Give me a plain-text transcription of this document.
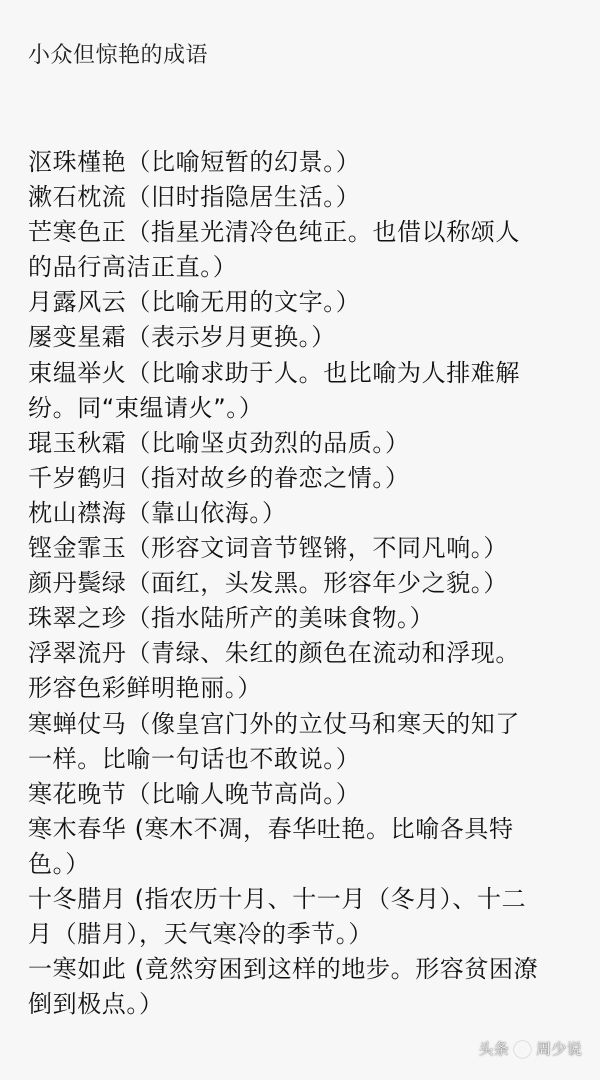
小众但惊艳的成语
沤珠槿艳（比喻短暂的幻景。）
漱石枕流（旧时指隐居生活。）
芒寒色正（指星光清冷色纯正。也借以称颂人
的品行高洁正直。）
月露风云（比喻无用的文字。）
屡变星霜（表示岁月更换。）
束缊举火（比喻求助于人。也比喻为人排难解
纷。同“束缊请火”。）
琨玉秋霜（比喻坚贞劲烈的品质。）
千岁鹤归（指对故乡的眷恋之情。）
枕山襟海（靠山依海。）
铿金霏玉（形容文词音节铿锵，不同凡响。）
颜丹鬓绿（面红，头发黑。形容年少之貌。）
珠翠之珍（指水陆所产的美味食物。）
浮翠流丹（青绿、朱红的颜色在流动和浮现。
形容色彩鲜明艳丽。）
寒蝉仗马（像皇宫门外的立仗马和寒天的知了
一样。比喻一句话也不敢说。）
寒花晚节（比喻人晚节高尚。）
寒木春华 (寒木不凋，春华吐艳。比喻各具特
色。）
十冬腊月 (指农历十月、十一月（冬月）、十二
月（腊月），天气寒冷的季节。）
一寒如此 (竟然穷困到这样的地步。形容贫困潦
倒到极点。）
头条 周少说
